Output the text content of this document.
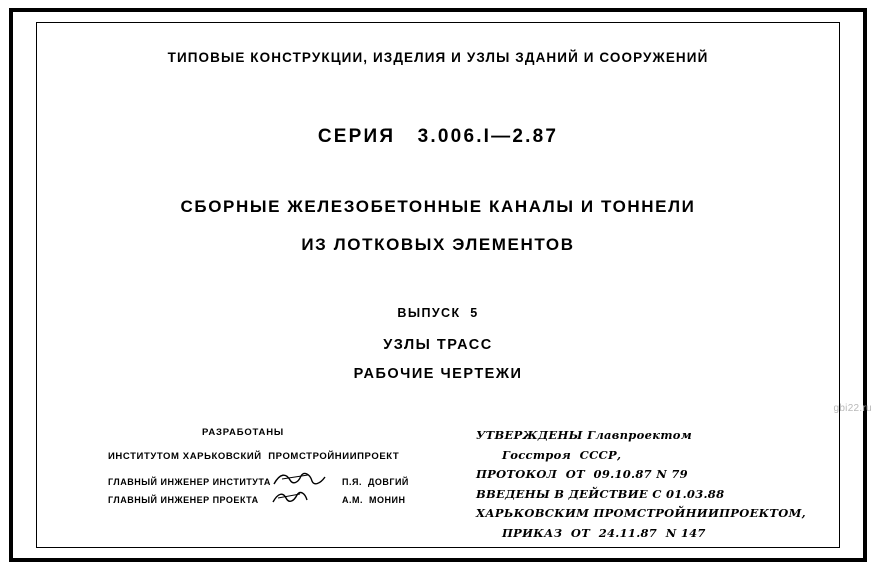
ТИПОВЫЕ КОНСТРУКЦИИ, ИЗДЕЛИЯ И УЗЛЫ ЗДАНИЙ И СООРУЖЕНИЙ
СЕРИЯ   3.006.I—2.87
СБОРНЫЕ ЖЕЛЕЗОБЕТОННЫЕ КАНАЛЫ И ТОННЕЛИ
ИЗ ЛОТКОВЫХ ЭЛЕМЕНТОВ
ВЫПУСК  5
УЗЛЫ ТРАСС
РАБОЧИЕ ЧЕРТЕЖИ
РАЗРАБОТАНЫ
ИНСТИТУТОМ ХАРЬКОВСКИЙ  ПРОМСТРОЙНИИПРОЕКТ
ГЛАВНЫЙ ИНЖЕНЕР ИНСТИТУТА

	П.Я.  ДОВГИЙ
ГЛАВНЫЙ ИНЖЕНЕР ПРОЕКТА

	А.М.  МОНИН
УТВЕРЖДЕНЫ Главпроектом
Госстроя  СССР,
ПРОТОКОЛ  ОТ  09.10.87 N 79
ВВЕДЕНЫ В ДЕЙСТВИЕ С 01.03.88
ХАРЬКОВСКИМ ПРОМСТРОЙНИИПРОЕКТОМ,
ПРИКАЗ  ОТ  24.11.87  N 147
gbi22.ru
